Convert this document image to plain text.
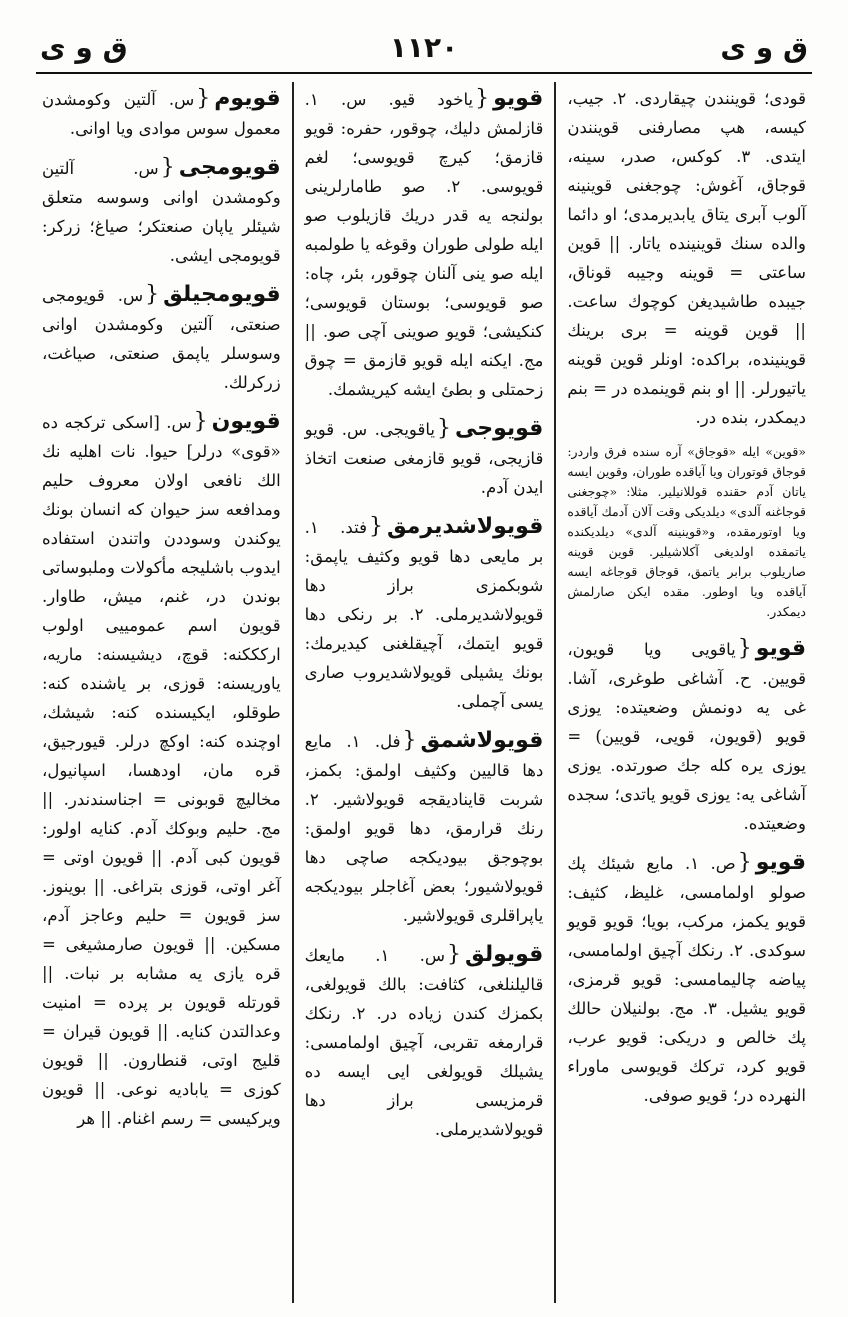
ق و ى
١١٢٠
ق و ى
قودى؛ قوينندن چيقاردى. ٢. جيب، كيسه، هپ مصارفنى قوينندن ايتدى. ٣. كوكس، صدر، سينه، قوجاق، آغوش: چوجغنى قوينينه آلوب آبرى يتاق يابديرمدى؛ او دائما والده سنك قوينينده ياتار. || قوين ساعتى = قوينه وجيبه قوناق، جيبده طاشيديغن كوچوك ساعت. || قوين قوينه = برى برينك قوينينده، براكده: اونلر قوين قوينه ياتيورلر. || او بنم قوينمده در = بنم ديمكدر، بنده در.
«قوين» ايله «قوجاق» آره سنده فرق واردر: قوجاق قوتوران ويا آياقده طوران، وقوين ايسه ياتان آدم حقنده قوللانيلير. مثلا: «چوجغنى قوجاغنه آلدى» ديلديكى وقت آلان آدمك آياقده ويا اوتورمقده، و«قوينينه آلدى» ديلديكنده ياتمقده اولديغى آكلاشيلير. قوين قوينه صاريلوب برابر ياتمق، قوجاق قوجاغه ايسه آياقده ويا اوطور. مقده ايكن صارلمش ديمكدر.
قويو{ياقويى ويا قويون، قويين. ح. آشاغى طوغرى، آشا. غى يه دونمش وضعيتده: يوزى قويو (قويون، قويى، قويين) = يوزى يره كله جك صورتده. يوزى آشاغى يه: يوزى قويو ياتدى؛ سجده وضعيتده.
قويو{ص. ١. مايع شيئك پك صولو اولمامسى، غليظ، كثيف: قويو يكمز، مركب، بويا؛ قويو قويو سوكدى. ٢. رنكك آچيق اولمامسى، پياضه چاليمامسى: قويو قرمزى، قويو يشيل. ٣. مج. بولنيلان حالك پك خالص و دريكى: قويو عرب، قويو كرد، تركك قويوسى ماوراء النهرده در؛ قويو صوفى.
قويو{ياخود قيو. س. ١. قازلمش دليك، چوقور، حفره: قويو قازمق؛ كيرچ قويوسى؛ لغم قويوسى. ٢. صو طامارلرينى بولنجه يه قدر دريك قازيلوب صو ايله طولى طوران وقوغه يا طولمبه ايله صو ينى آلنان چوقور، بئر، چاه: صو قويوسى؛ بوستان قويوسى؛ كنكيشى؛ قويو صوينى آچى صو. || مج. ايكنه ايله قويو قازمق = چوق زحمتلى و بطئ ايشه كيريشمك.
قويوجى{ياقويجى. س. قويو قازيجى، قويو قازمغى صنعت اتخاذ ايدن آدم.
قويولاشديرمق{فتد. ١. بر مايعى دها قويو وكثيف ياپمق: شوبكمزى براز دها قويولاشديرملى. ٢. بر رنكى دها قويو ايتمك، آچيقلغنى كيديرمك: بونك يشيلى قويولاشديروب صارى يسى آچملى.
قويولاشمق{فل. ١. مايع دها قاليين وكثيف اولمق: بكمز، شربت قايناديقجه قويولاشير. ٢. رنك قرارمق، دها قويو اولمق: بوچوجق بيوديكجه صاچى دها قويولاشيور؛ بعض آغاجلر بيوديكجه ياپراقلرى قويولاشير.
قويولق{س. ١. مايعك قاليلنلغى، كثافت: بالك قويولغى، بكمزك كندن زياده در. ٢. رنكك قرارمغه تقربى، آچيق اولمامسى: يشيلك قويولغى ايى ايسه ده قرمزيسى براز دها قويولاشديرملى.
قويوم{س. آلتين وكومشدن معمول سوس موادى ويا اوانى.
قويومجى{س. آلتين وكومشدن اوانى وسوسه متعلق شيئلر ياپان صنعتكر؛ صياغ؛ زركر: قويومجى ايشى.
قويومجيلق{س. قويومجى صنعتى، آلتين وكومشدن اوانى وسوسلر ياپمق صنعتى، صياغت، زركرلك.
قويون{س. [اسكى تركجه ده «قوى» درلر] حيوا. نات اهليه نك الك نافعى اولان معروف حليم ومدافعه سز حيوان كه انسان بونك يوكندن وسوددن واتندن استفاده ايدوب باشليجه مأكولات وملبوساتى بوندن در، غنم، ميش، طاوار. قويون اسم عمومييى اولوب اركككنه: قوچ، ديشيسنه: ماريه، ياوريسنه: قوزى، بر ياشنده كنه: طوقلو، ايكيسنده كنه: شيشك، اوچنده كنه: اوكچ درلر. قيورجيق، قره مان، اودهسا، اسپانيول، مخاليچ قوبونى = اجناسندندر. || مج. حليم وبوكك آدم. كنايه اولور: قويون كبى آدم. || قويون اوتى = آغر اوتى، قوزى بتراغى. || بوينوز. سز قويون = حليم وعاجز آدم، مسكين. || قويون صارمشيغى = قره يازى يه مشابه بر نبات. || قورتله قويون بر پرده = امنيت وعدالتدن كنايه. || قويون قيران = قليج اوتى، قنطارون. || قويون كوزى = ياباديه نوعى. || قويون ويركيسى = رسم اغنام. || هر
